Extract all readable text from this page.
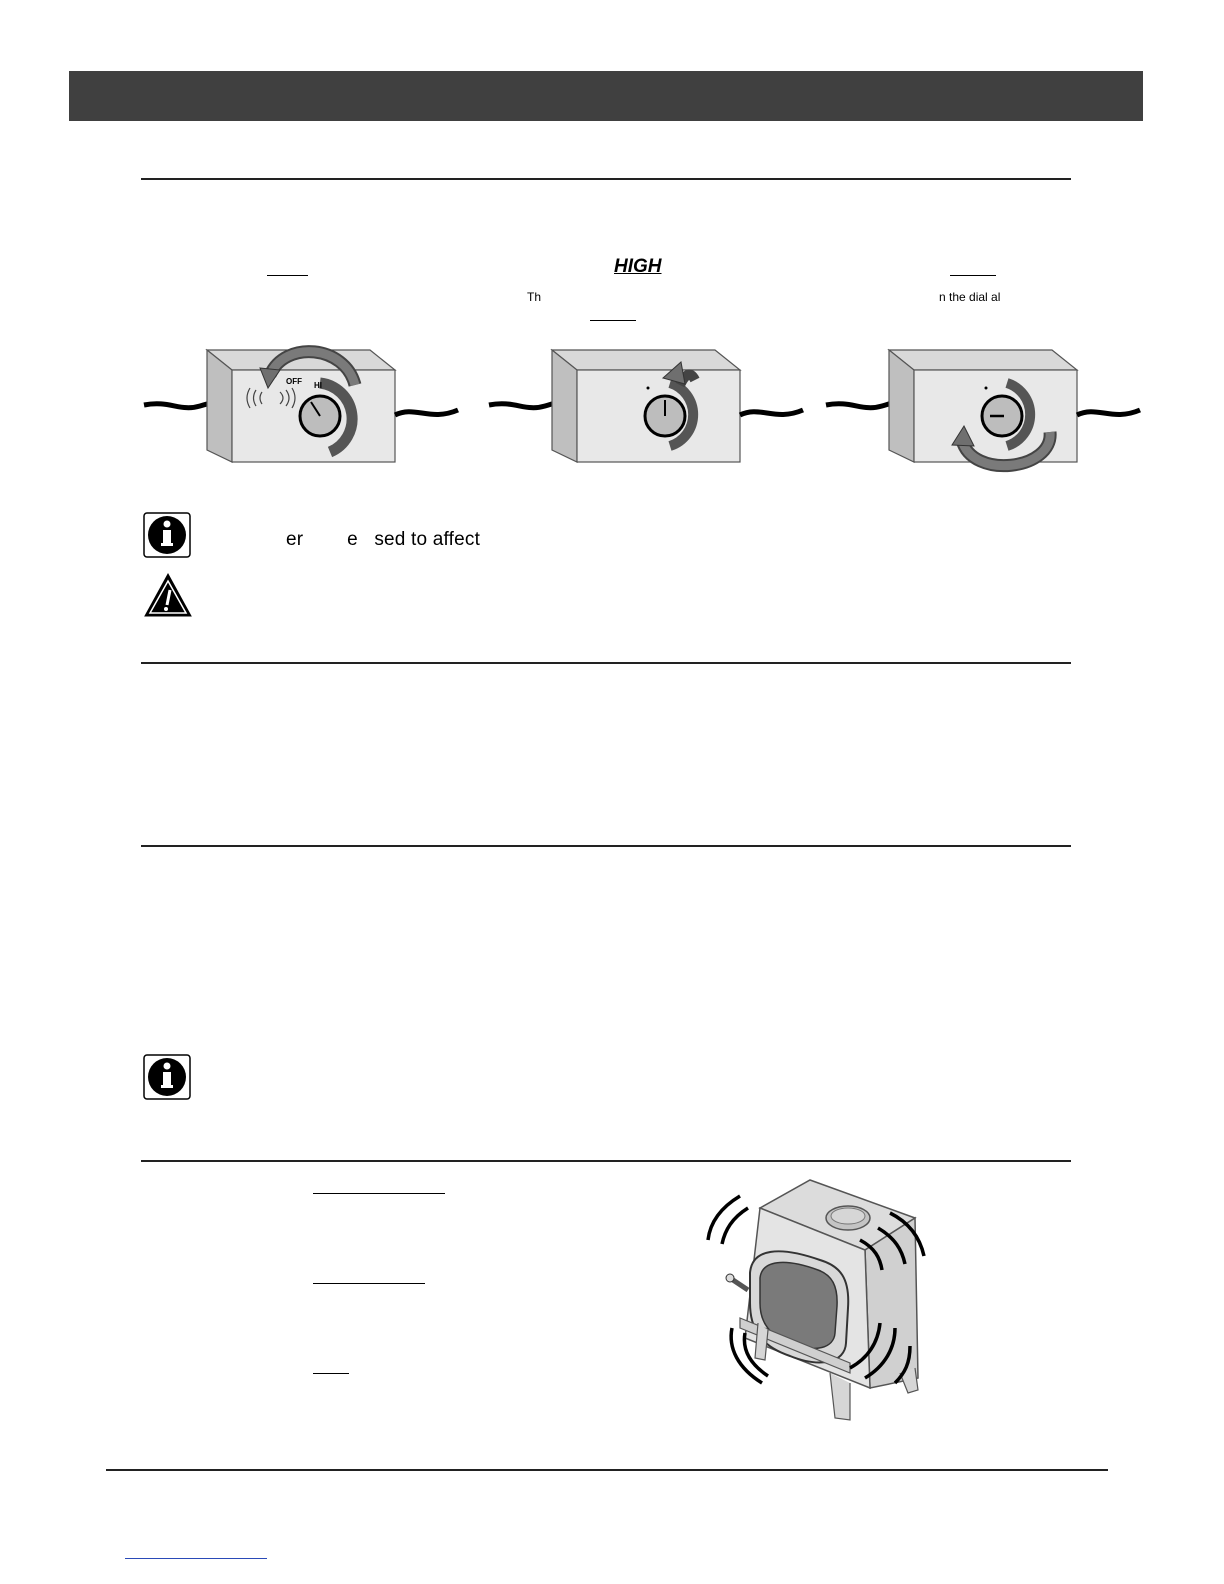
HIGH
Th	n the dial al
OFF HI
er        e   sed to affect
